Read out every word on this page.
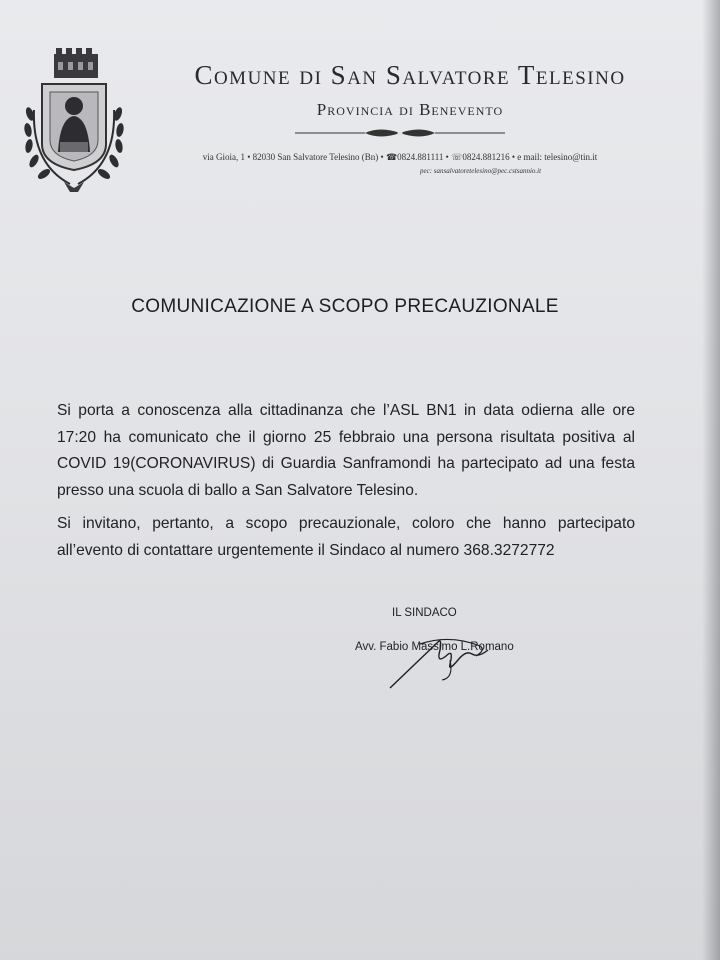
Comune di San Salvatore Telesino
Provincia di Benevento
via Gioia, 1 • 82030 San Salvatore Telesino (Bn) • ☎0824.881111 • ☏0824.881216 • e mail: telesino@tin.it
pec: sansalvatoretelesino@pec.cstsannio.it
COMUNICAZIONE A SCOPO PRECAUZIONALE
Si porta a conoscenza alla cittadinanza che l’ASL BN1 in data odierna alle ore 17:20 ha comunicato che il giorno 25 febbraio una persona risultata positiva al COVID 19(CORONAVIRUS) di Guardia Sanframondi ha partecipato ad una festa presso una scuola di ballo a San Salvatore Telesino.
Si invitano, pertanto, a scopo precauzionale, coloro che hanno partecipato all’evento di contattare urgentemente il Sindaco al numero 368.3272772
IL SINDACO
Avv. Fabio Massimo L.Romano
